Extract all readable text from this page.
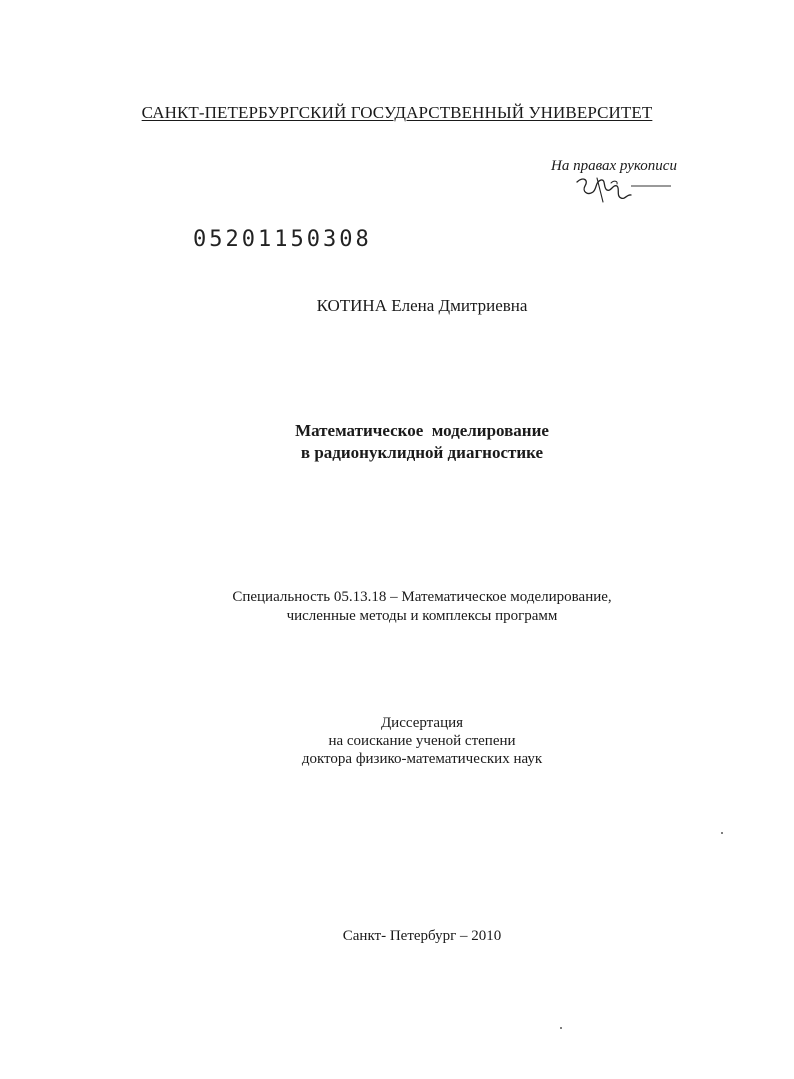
САНКТ-ПЕТЕРБУРГСКИЙ ГОСУДАРСТВЕННЫЙ УНИВЕРСИТЕТ
На правах рукописи
05201150308
КОТИНА Елена Дмитриевна
Математическое  моделирование
в радионуклидной диагностике
Специальность 05.13.18 – Математическое моделирование,
численные методы и комплексы программ
Диссертация
на соискание ученой степени
доктора физико-математических наук
Санкт- Петербург – 2010
